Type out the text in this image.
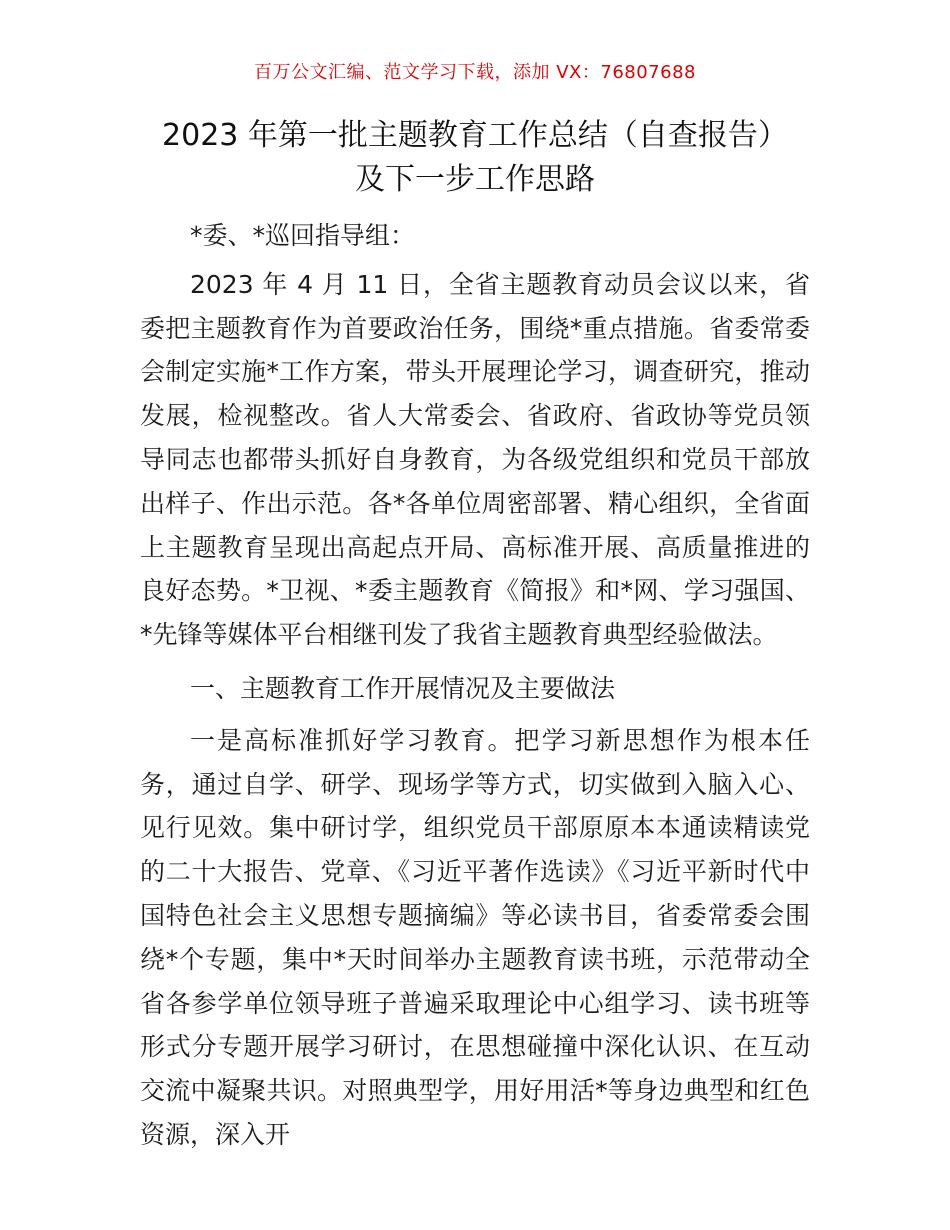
百万公文汇编、范文学习下载，添加 VX：76807688
2023 年第一批主题教育工作总结（自查报告）
及下一步工作思路

*委、*巡回指导组：

2023 年 4 月 11 日，全省主题教育动员会议以来，省委把主题教育作为首要政治任务，围绕*重点措施。省委常委会制定实施*工作方案，带头开展理论学习，调查研究，推动发展，检视整改。省人大常委会、省政府、省政协等党员领导同志也都带头抓好自身教育，为各级党组织和党员干部放出样子、作出示范。各*各单位周密部署、精心组织，全省面上主题教育呈现出高起点开局、高标准开展、高质量推进的良好态势。*卫视、*委主题教育《简报》和*网、学习强国、*先锋等媒体平台相继刊发了我省主题教育典型经验做法。

一、主题教育工作开展情况及主要做法

一是高标准抓好学习教育。把学习新思想作为根本任务，通过自学、研学、现场学等方式，切实做到入脑入心、见行见效。集中研讨学，组织党员干部原原本本通读精读党的二十大报告、党章、《习近平著作选读》《习近平新时代中国特色社会主义思想专题摘编》等必读书目，省委常委会围绕*个专题，集中*天时间举办主题教育读书班，示范带动全省各参学单位领导班子普遍采取理论中心组学习、读书班等形式分专题开展学习研讨，在思想碰撞中深化认识、在互动交流中凝聚共识。对照典型学，用好用活*等身边典型和红色资源，深入开
